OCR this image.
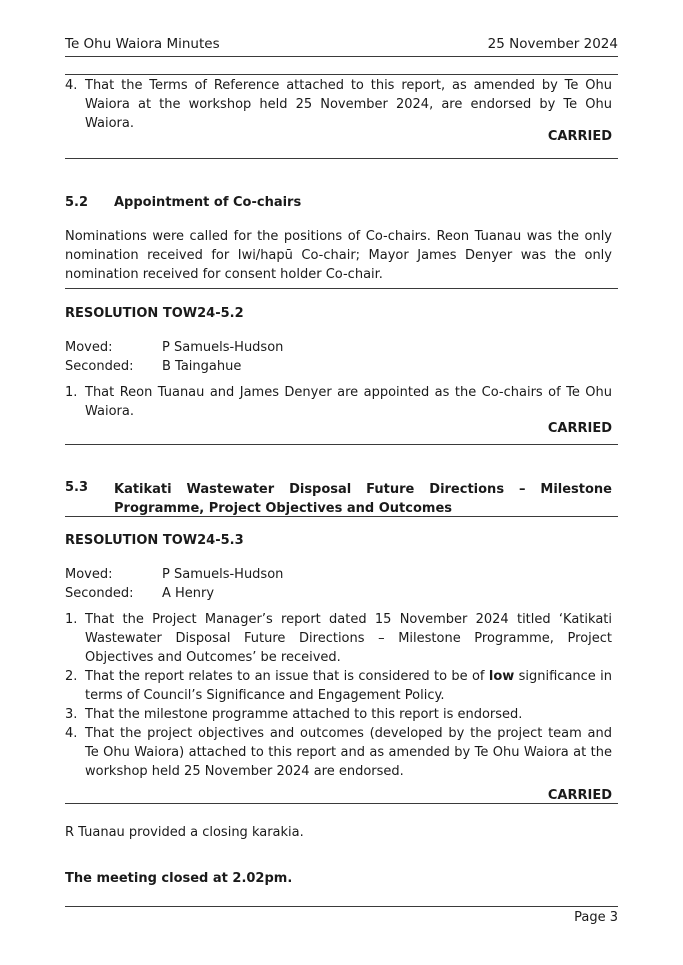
Te Ohu Waiora Minutes	25 November 2024
4. That the Terms of Reference attached to this report, as amended by Te Ohu Waiora at the workshop held 25 November 2024, are endorsed by Te Ohu Waiora.
CARRIED
5.2 Appointment of Co-chairs
Nominations were called for the positions of Co-chairs. Reon Tuanau was the only nomination received for Iwi/hapū Co-chair; Mayor James Denyer was the only nomination received for consent holder Co-chair.
RESOLUTION TOW24-5.2
Moved:	P Samuels-Hudson
Seconded: B Taingahue
1. That Reon Tuanau and James Denyer are appointed as the Co-chairs of Te Ohu Waiora.
CARRIED
5.3 Katikati Wastewater Disposal Future Directions – Milestone Programme, Project Objectives and Outcomes
RESOLUTION TOW24-5.3
Moved:	P Samuels-Hudson
Seconded: A Henry
1. That the Project Manager’s report dated 15 November 2024 titled ‘Katikati Wastewater Disposal Future Directions – Milestone Programme, Project Objectives and Outcomes’ be received.
2. That the report relates to an issue that is considered to be of low significance in terms of Council’s Significance and Engagement Policy.
3. That the milestone programme attached to this report is endorsed.
4. That the project objectives and outcomes (developed by the project team and Te Ohu Waiora) attached to this report and as amended by Te Ohu Waiora at the workshop held 25 November 2024 are endorsed.
CARRIED
R Tuanau provided a closing karakia.
The meeting closed at 2.02pm.
Page 3
